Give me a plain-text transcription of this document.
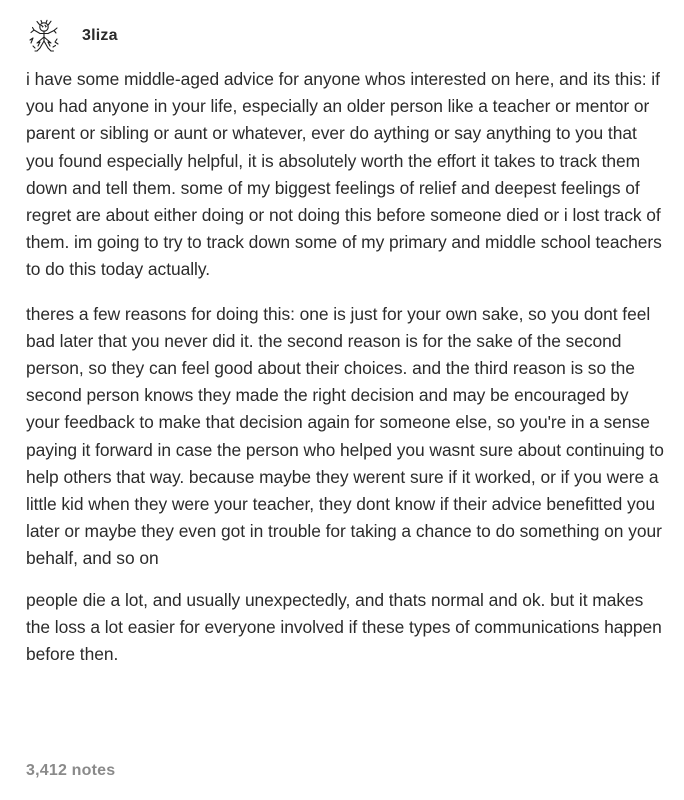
3liza

i have some middle-aged advice for anyone whos interested on here, and its this: if you had anyone in your life, especially an older person like a teacher or mentor or parent or sibling or aunt or whatever, ever do aything or say anything to you that you found especially helpful, it is absolutely worth the effort it takes to track them down and tell them. some of my biggest feelings of relief and deepest feelings of regret are about either doing or not doing this before someone died or i lost track of them. im going to try to track down some of my primary and middle school teachers to do this today actually.

theres a few reasons for doing this: one is just for your own sake, so you dont feel bad later that you never did it. the second reason is for the sake of the second person, so they can feel good about their choices. and the third reason is so the second person knows they made the right decision and may be encouraged by your feedback to make that decision again for someone else, so you're in a sense paying it forward in case the person who helped you wasnt sure about continuing to help others that way. because maybe they werent sure if it worked, or if you were a little kid when they were your teacher, they dont know if their advice benefitted you later or maybe they even got in trouble for taking a chance to do something on your behalf, and so on

people die a lot, and usually unexpectedly, and thats normal and ok. but it makes the loss a lot easier for everyone involved if these types of communications happen before then.

3,412 notes
